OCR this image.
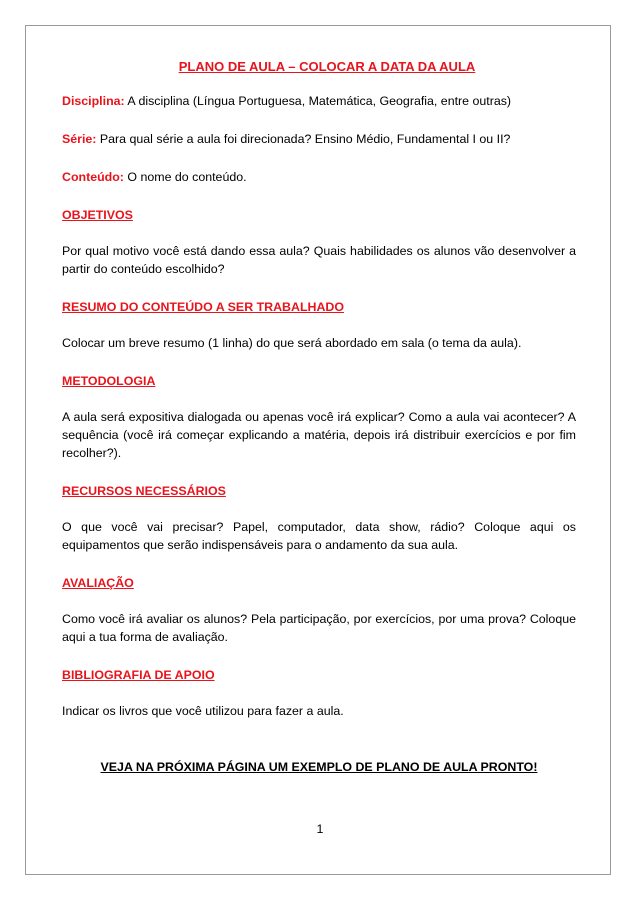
PLANO DE AULA – COLOCAR A DATA DA AULA
Disciplina: A disciplina (Língua Portuguesa, Matemática, Geografia, entre outras)
Série: Para qual série a aula foi direcionada? Ensino Médio, Fundamental I ou II?
Conteúdo: O nome do conteúdo.
OBJETIVOS
Por qual motivo você está dando essa aula? Quais habilidades os alunos vão desenvolver a partir do conteúdo escolhido?
RESUMO DO CONTEÚDO A SER TRABALHADO
Colocar um breve resumo (1 linha) do que será abordado em sala (o tema da aula).
METODOLOGIA
A aula será expositiva dialogada ou apenas você irá explicar? Como a aula vai acontecer? A sequência (você irá começar explicando a matéria, depois irá distribuir exercícios e por fim recolher?).
RECURSOS NECESSÁRIOS
O que você vai precisar? Papel, computador, data show, rádio? Coloque aqui os equipamentos que serão indispensáveis para o andamento da sua aula.
AVALIAÇÃO
Como você irá avaliar os alunos? Pela participação, por exercícios, por uma prova? Coloque aqui a tua forma de avaliação.
BIBLIOGRAFIA DE APOIO
Indicar os livros que você utilizou para fazer a aula.
VEJA NA PRÓXIMA PÁGINA UM EXEMPLO DE PLANO DE AULA PRONTO!
1
